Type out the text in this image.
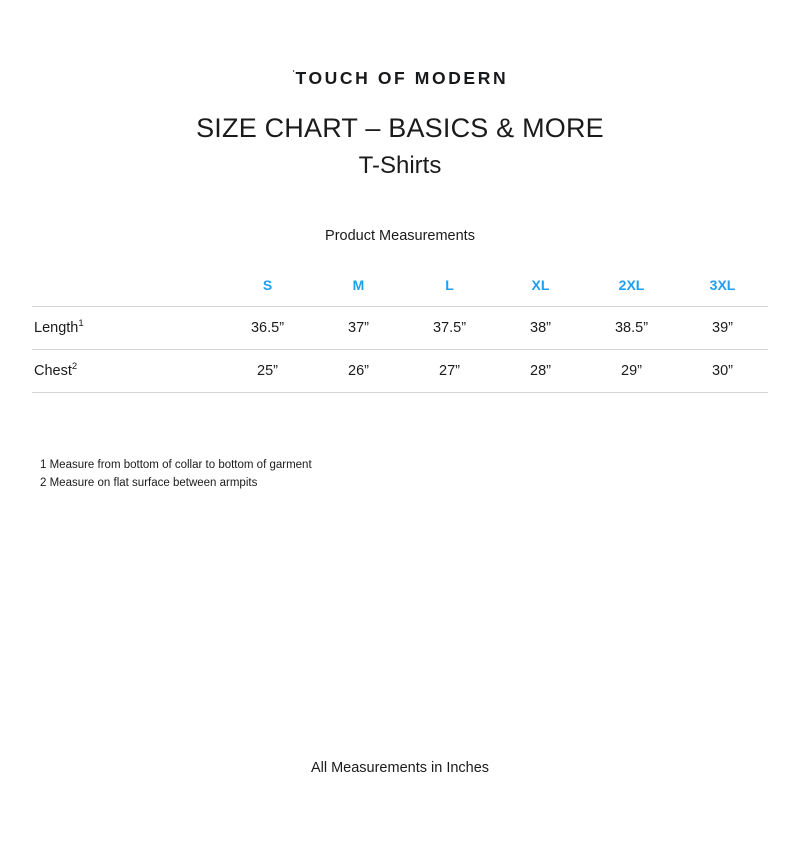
$^ˈ$TOUCH OF MODERN
SIZE CHART – BASICS & MORE
T-Shirts
Product Measurements
	S	M	L	XL	2XL	3XL
Length$^1$	36.5”	37”	37.5”	38”	38.5”	39”
Chest$^2$	25”	26”	27”	28”	29”	30”
1 Measure from bottom of collar to bottom of garment
2 Measure on flat surface between armpits
All Measurements in Inches
